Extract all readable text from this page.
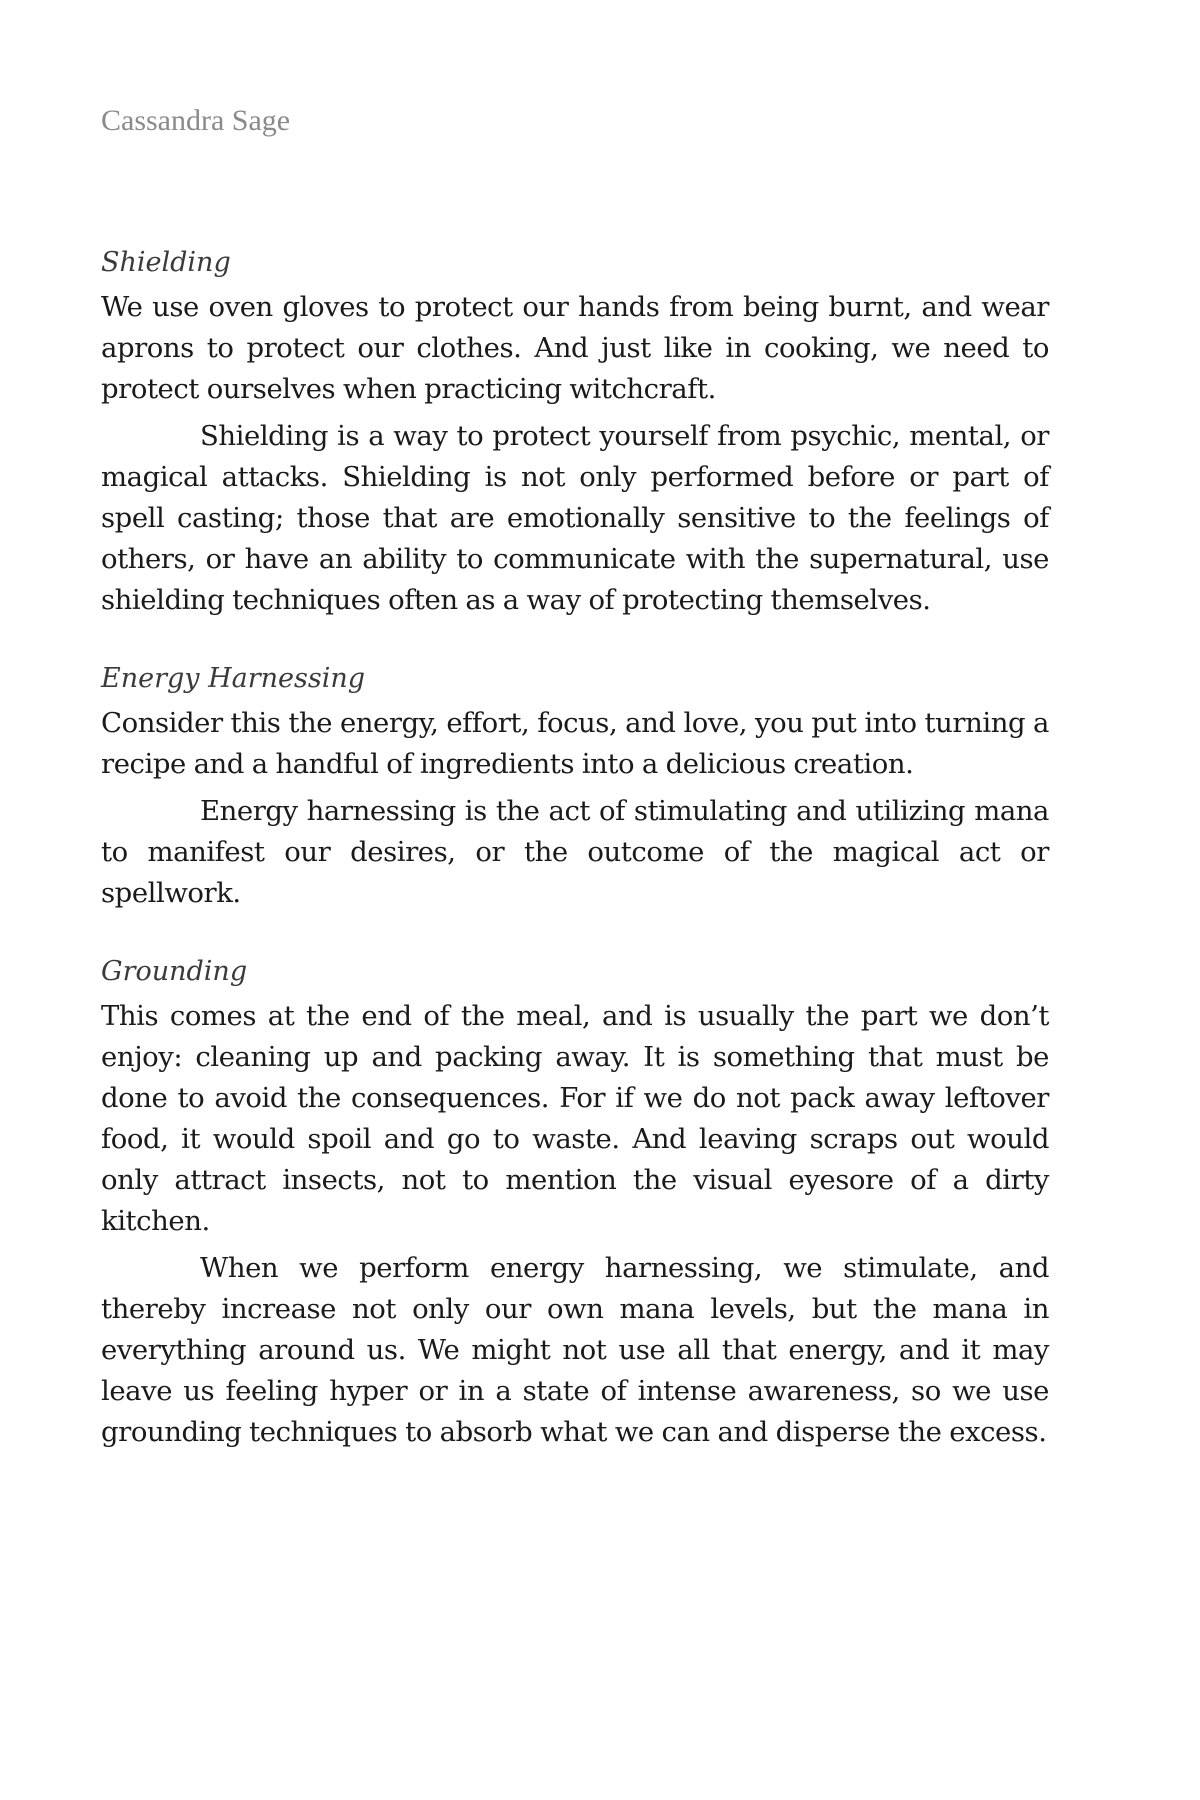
Cassandra Sage

Shielding

We use oven gloves to protect our hands from being burnt, and wear aprons to protect our clothes. And just like in cooking, we need to protect ourselves when practicing witchcraft.

Shielding is a way to protect yourself from psychic, mental, or magical attacks. Shielding is not only performed before or part of spell casting; those that are emotionally sensitive to the feelings of others, or have an ability to communicate with the supernatural, use shielding techniques often as a way of protecting themselves.

Energy Harnessing

Consider this the energy, effort, focus, and love, you put into turning a recipe and a handful of ingredients into a delicious creation.

Energy harnessing is the act of stimulating and utilizing mana to manifest our desires, or the outcome of the magical act or spellwork.

Grounding

This comes at the end of the meal, and is usually the part we don’t enjoy: cleaning up and packing away. It is something that must be done to avoid the consequences. For if we do not pack away leftover food, it would spoil and go to waste. And leaving scraps out would only attract insects, not to mention the visual eyesore of a dirty kitchen.

When we perform energy harnessing, we stimulate, and thereby increase not only our own mana levels, but the mana in everything around us. We might not use all that energy, and it may leave us feeling hyper or in a state of intense awareness, so we use grounding techniques to absorb what we can and disperse the excess.
